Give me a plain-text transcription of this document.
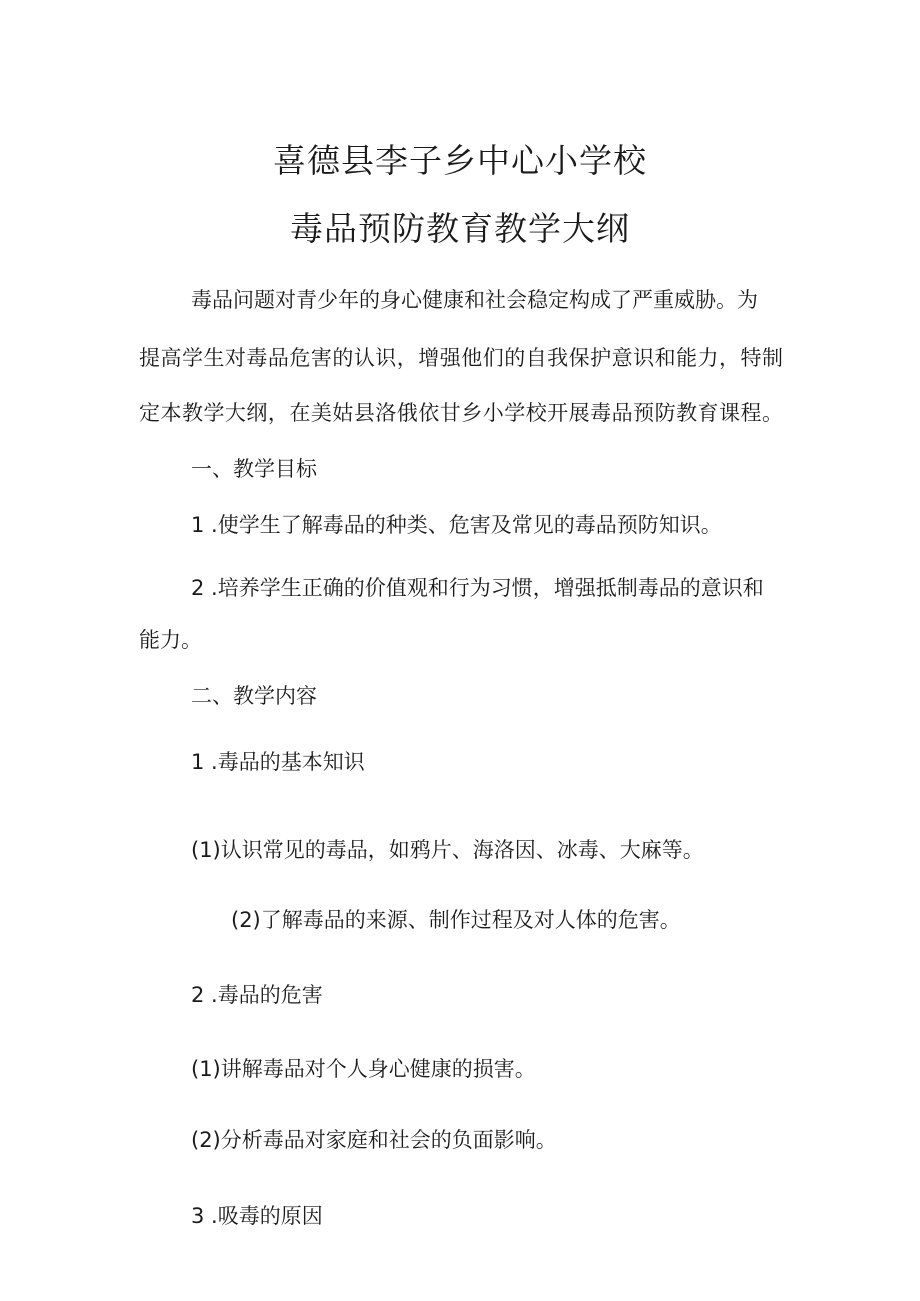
喜德县李子乡中心小学校
毒品预防教育教学大纲
毒品问题对青少年的身心健康和社会稳定构成了严重威胁。为
提高学生对毒品危害的认识，增强他们的自我保护意识和能力，特制
定本教学大纲，在美姑县洛俄依甘乡小学校开展毒品预防教育课程。
一、教学目标
1 .使学生了解毒品的种类、危害及常见的毒品预防知识。
2 .培养学生正确的价值观和行为习惯，增强抵制毒品的意识和
能力。
二、教学内容
1 .毒品的基本知识
(1)认识常见的毒品，如鸦片、海洛因、冰毒、大麻等。
(2)了解毒品的来源、制作过程及对人体的危害。
2 .毒品的危害
(1)讲解毒品对个人身心健康的损害。
(2)分析毒品对家庭和社会的负面影响。
3 .吸毒的原因
